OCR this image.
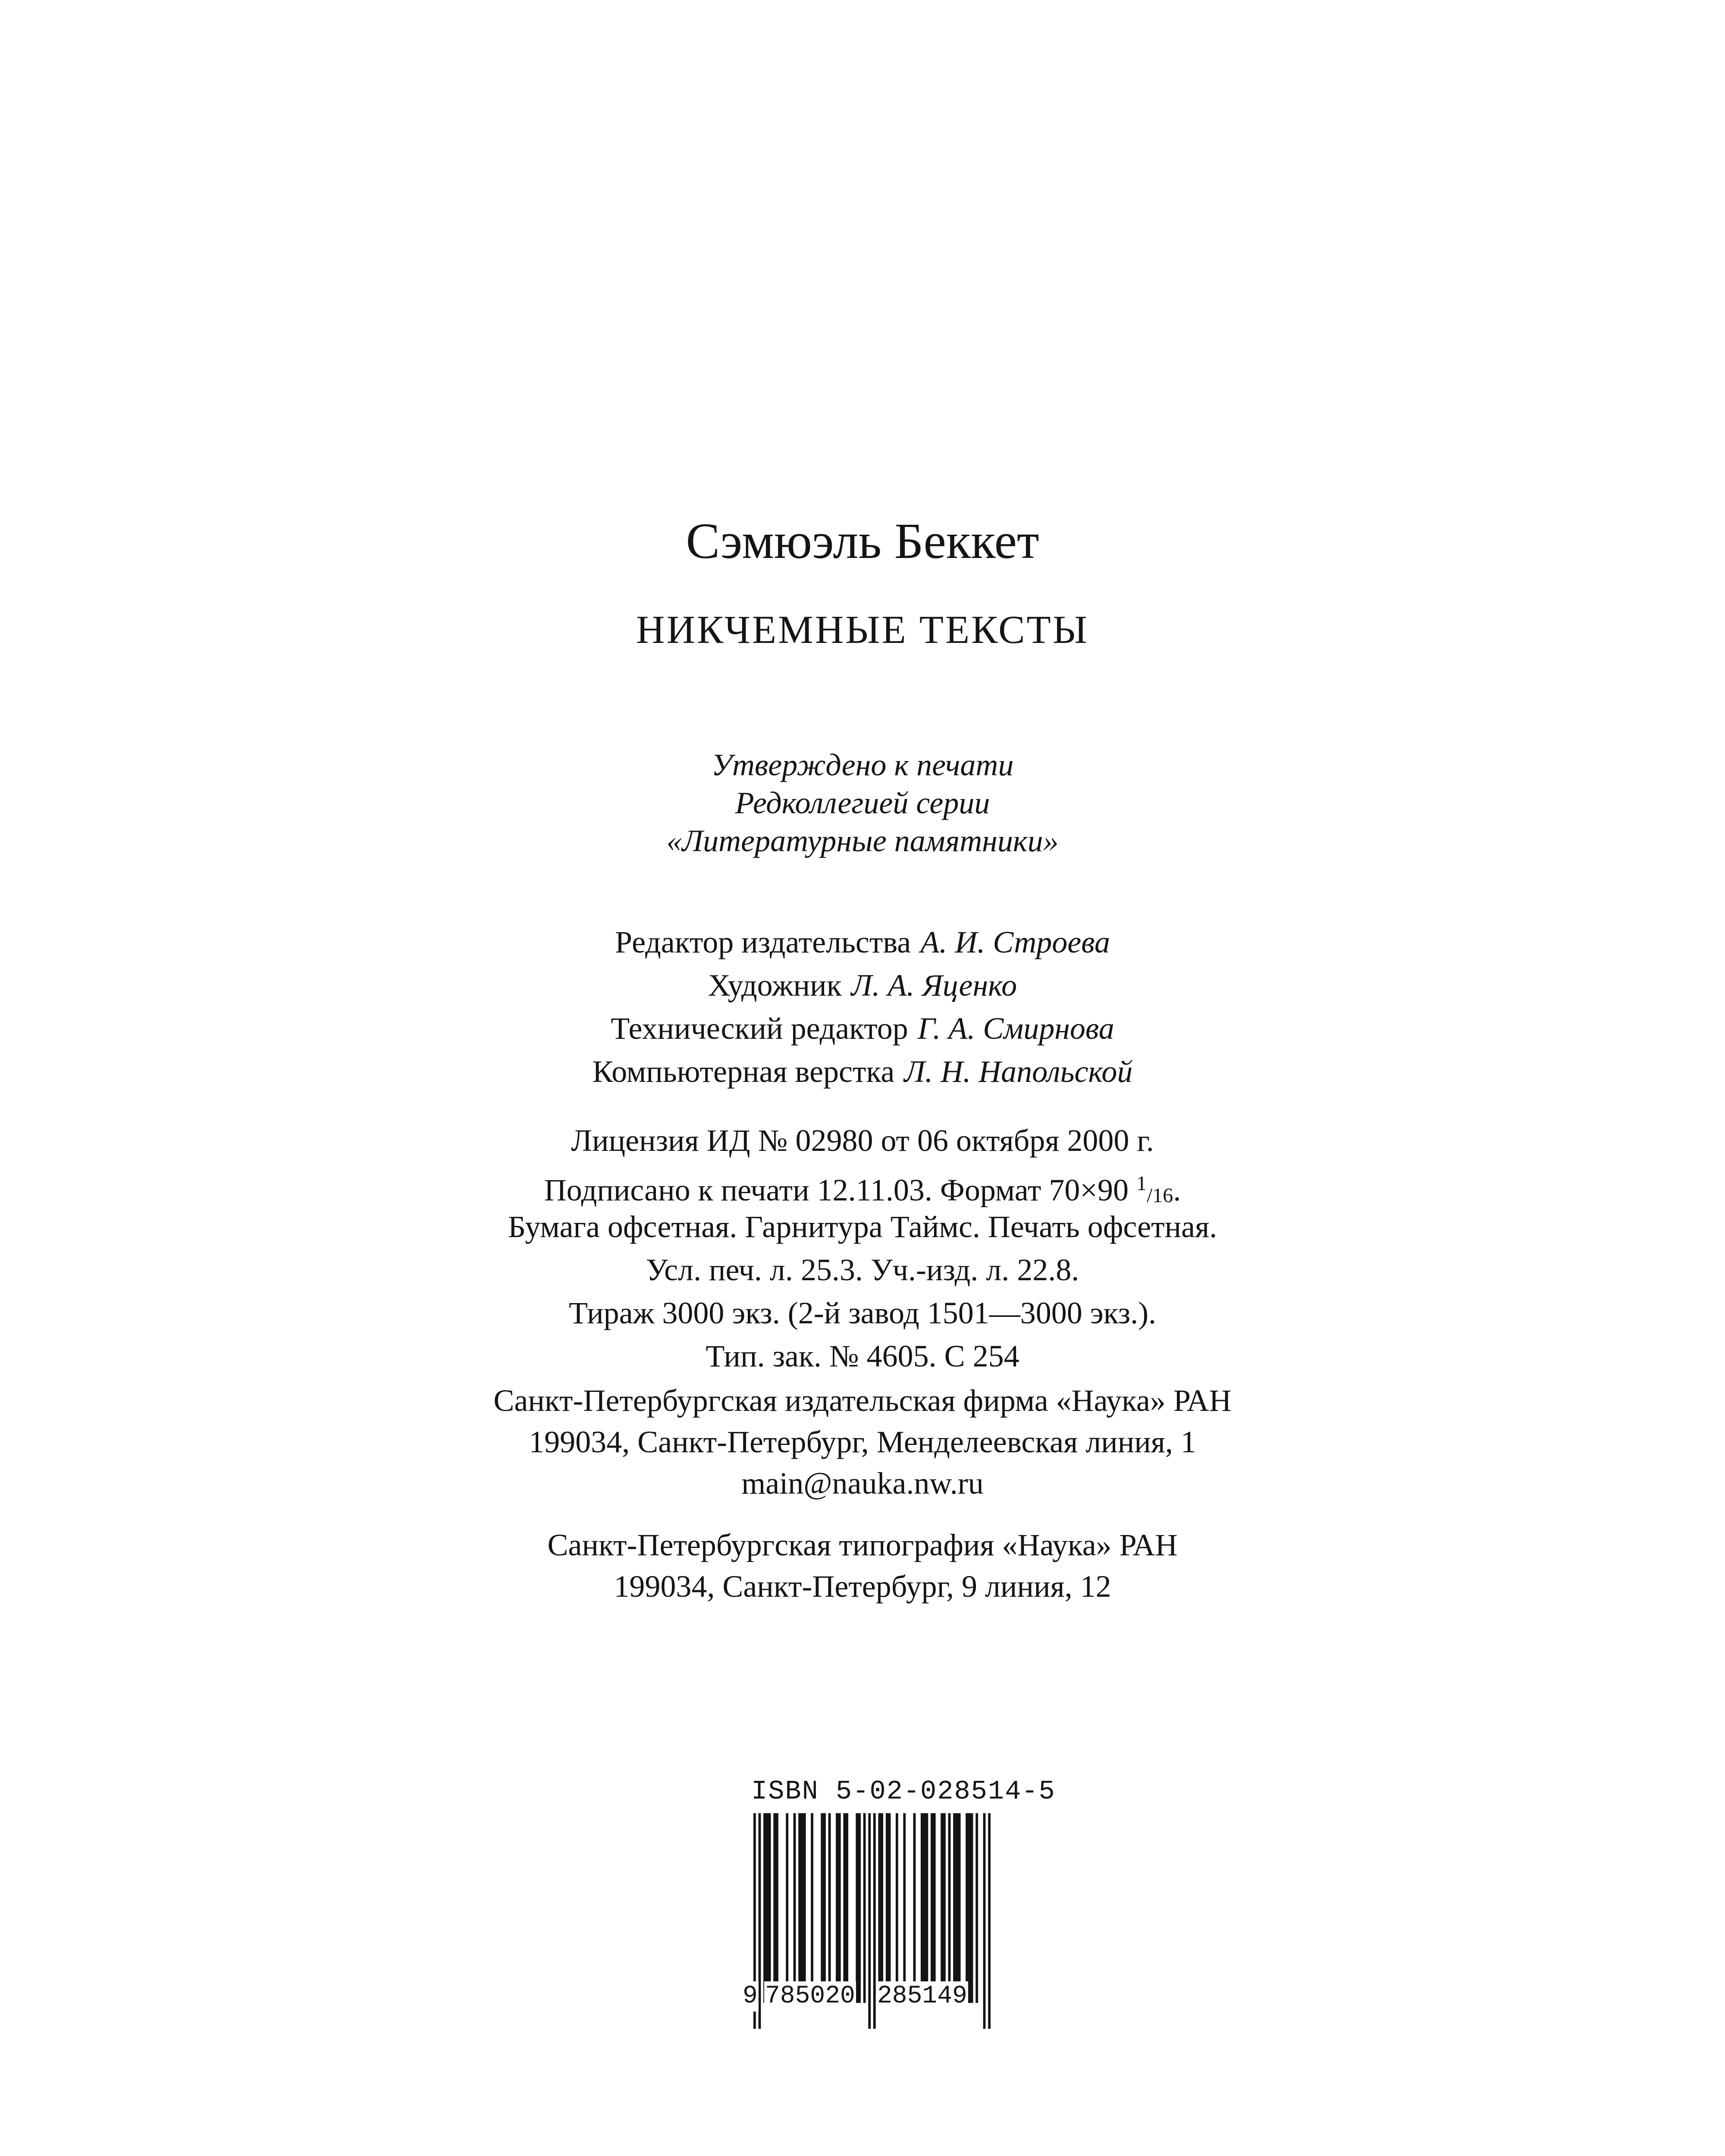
Сэмюэль Беккет
НИКЧЕМНЫЕ ТЕКСТЫ
Утверждено к печати
Редколлегией серии
«Литературные памятники»
Редактор издательства А. И. Строева
Художник Л. А. Яценко
Технический редактор Г. А. Смирнова
Компьютерная верстка Л. Н. Напольской
Лицензия ИД № 02980 от 06 октября 2000 г.
Подписано к печати 12.11.03. Формат 70×90 $^1$/16.
Бумага офсетная. Гарнитура Таймс. Печать офсетная.
Усл. печ. л. 25.3. Уч.-изд. л. 22.8.
Тираж 3000 экз. (2-й завод 1501—3000 экз.).
Тип. зак. № 4605. С 254
Санкт-Петербургская издательская фирма «Наука» РАН
199034, Санкт-Петербург, Менделеевская линия, 1
main@nauka.nw.ru
Санкт-Петербургская типография «Наука» РАН
199034, Санкт-Петербург, 9 линия, 12
ISBN 5-02-028514-5
9 785020 285149
